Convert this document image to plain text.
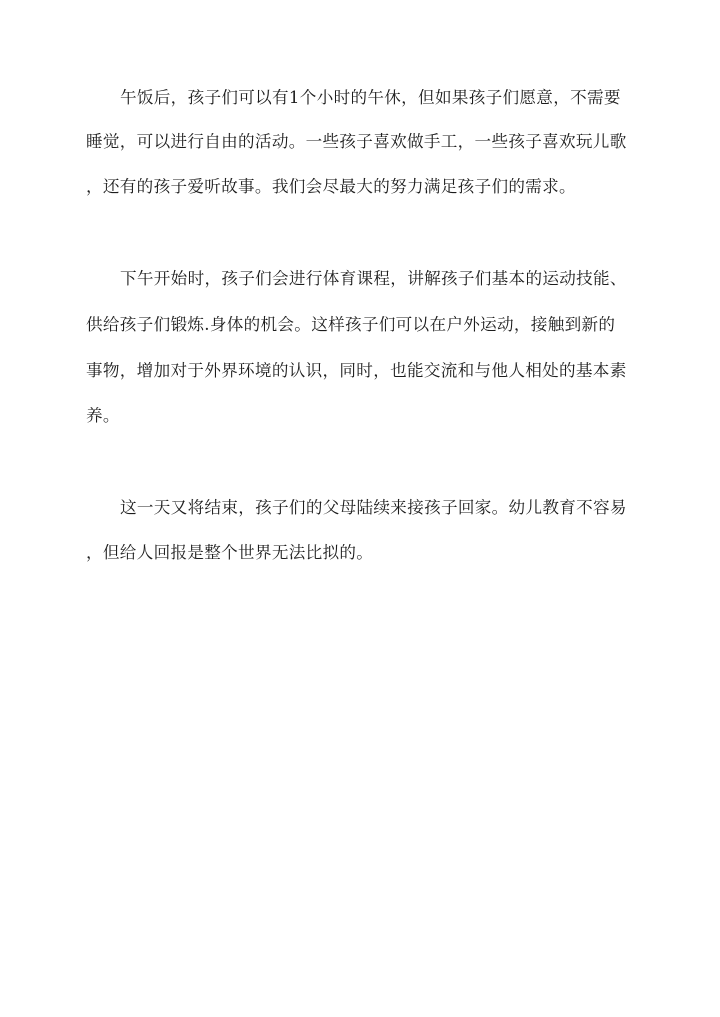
午饭后，孩子们可以有1个小时的午休，但如果孩子们愿意，不需要
睡觉，可以进行自由的活动。一些孩子喜欢做手工，一些孩子喜欢玩儿歌
，还有的孩子爱听故事。我们会尽最大的努力满足孩子们的需求。
下午开始时，孩子们会进行体育课程，讲解孩子们基本的运动技能、
供给孩子们锻炼.身体的机会。这样孩子们可以在户外运动，接触到新的
事物，增加对于外界环境的认识，同时，也能交流和与他人相处的基本素
养。
这一天又将结束，孩子们的父母陆续来接孩子回家。幼儿教育不容易
，但给人回报是整个世界无法比拟的。
